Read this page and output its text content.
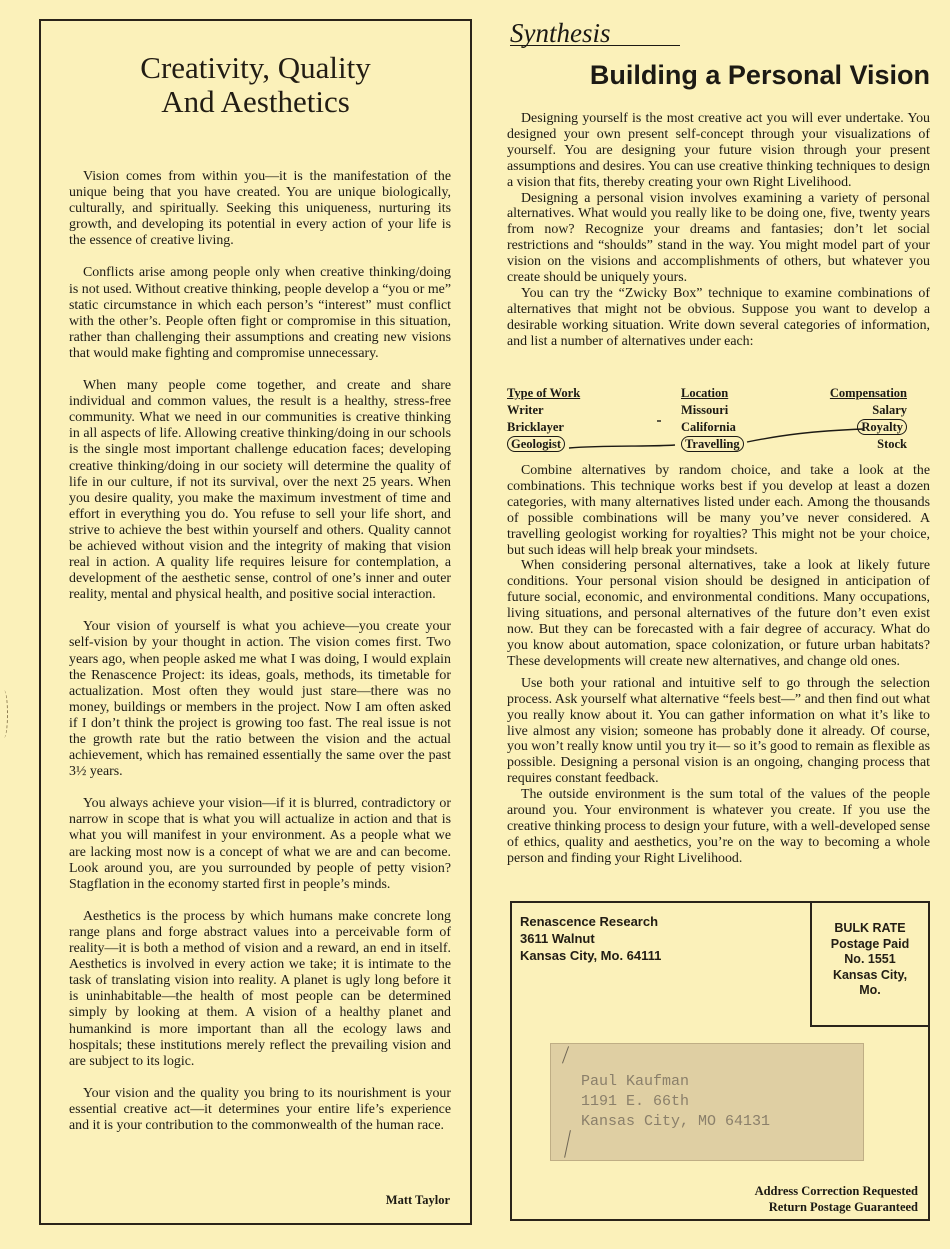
Creativity, Quality
And Aesthetics

Vision comes from within you—it is the manifestation of the unique being that you have created. You are unique biologically, culturally, and spiritually. Seeking this uniqueness, nurturing its growth, and developing its potential in every action of your life is the essence of creative living.

Conflicts arise among people only when creative thinking/doing is not used. Without creative thinking, people develop a “you or me” static circumstance in which each person’s “interest” must conflict with the other’s. People often fight or compromise in this situation, rather than challenging their assumptions and creating new visions that would make fighting and compromise unnecessary.

When many people come together, and create and share individual and common values, the result is a healthy, stress-free community. What we need in our communities is creative thinking in all aspects of life. Allowing creative thinking/doing in our schools is the single most important challenge education faces; developing creative thinking/doing in our society will determine the quality of life in our culture, if not its survival, over the next 25 years. When you desire quality, you make the maximum investment of time and effort in everything you do. You refuse to sell your life short, and strive to achieve the best within yourself and others. Quality cannot be achieved without vision and the integrity of making that vision real in action. A quality life requires leisure for contemplation, a development of the aesthetic sense, control of one’s inner and outer reality, mental and physical health, and positive social interaction.

Your vision of yourself is what you achieve—you create your self-vision by your thought in action. The vision comes first. Two years ago, when people asked me what I was doing, I would explain the Renascence Project: its ideas, goals, methods, its timetable for actualization. Most often they would just stare—there was no money, buildings or members in the project. Now I am often asked if I don’t think the project is growing too fast. The real issue is not the growth rate but the ratio between the vision and the actual achievement, which has remained essentially the same over the past 3½ years.

You always achieve your vision—if it is blurred, contradictory or narrow in scope that is what you will actualize in action and that is what you will manifest in your environment. As a people what we are lacking most now is a concept of what we are and can become. Look around you, are you surrounded by people of petty vision? Stagflation in the economy started first in people’s minds.

Aesthetics is the process by which humans make concrete long range plans and forge abstract values into a perceivable form of reality—it is both a method of vision and a reward, an end in itself. Aesthetics is involved in every action we take; it is intimate to the task of translating vision into reality. A planet is ugly long before it is uninhabitable—the health of most people can be determined simply by looking at them. A vision of a healthy planet and humankind is more important than all the ecology laws and hospitals; these institutions merely reflect the prevailing vision and are subject to its logic.

Your vision and the quality you bring to its nourishment is your essential creative act—it determines your entire life’s experience and it is your contribution to the commonwealth of the human race.

Matt Taylor
Synthesis
Building a Personal Vision

Designing yourself is the most creative act you will ever undertake. You designed your own present self-concept through your visualizations of yourself. You are designing your future vision through your present assumptions and desires. You can use creative thinking techniques to design a vision that fits, thereby creating your own Right Livelihood.

Designing a personal vision involves examining a variety of personal alternatives. What would you really like to be doing one, five, twenty years from now? Recognize your dreams and fantasies; don’t let social restrictions and “shoulds” stand in the way. You might model part of your vision on the visions and accomplishments of others, but whatever you create should be uniquely yours.

You can try the “Zwicky Box” technique to examine combinations of alternatives that might not be obvious. Suppose you want to develop a desirable working situation. Write down several categories of information, and list a number of alternatives under each:

Type of Work
Writer
Bricklayer
Geologist
Location
Missouri
California
Travelling
Compensation
Salary
Royalty
Stock

Combine alternatives by random choice, and take a look at the combinations. This technique works best if you develop at least a dozen categories, with many alternatives listed under each. Among the thousands of possible combinations will be many you’ve never considered. A travelling geologist working for royalties? This might not be your choice, but such ideas will help break your mindsets.

When considering personal alternatives, take a look at likely future conditions. Your personal vision should be designed in anticipation of future social, economic, and environmental conditions. Many occupations, living situations, and personal alternatives of the future don’t even exist now. But they can be forecasted with a fair degree of accuracy. What do you know about automation, space colonization, or future urban habitats? These developments will create new alternatives, and change old ones.

Use both your rational and intuitive self to go through the selection process. Ask yourself what alternative “feels best—” and then find out what you really know about it. You can gather information on what it’s like to live almost any vision; someone has probably done it already. Of course, you won’t really know until you try it— so it’s good to remain as flexible as possible. Designing a personal vision is an ongoing, changing process that requires constant feedback.

The outside environment is the sum total of the values of the people around you. Your environment is whatever you create. If you use the creative thinking process to design your future, with a well-developed sense of ethics, quality and aesthetics, you’re on the way to becoming a whole person and finding your Right Livelihood.

Renascence Research
3611 Walnut
Kansas City, Mo. 64111
BULK RATE
Postage Paid
No. 1551
Kansas City,
Mo.
Paul Kaufman
1191 E. 66th
Kansas City, MO 64131
Address Correction Requested
Return Postage Guaranteed
